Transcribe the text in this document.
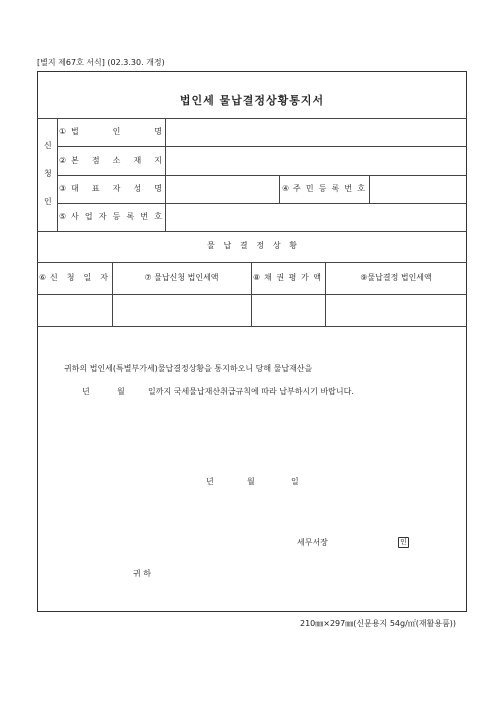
[별지 제67호 서식] (02.3.30. 개정)
법인세 물납결정상황통지서
신
청
인
① 법	인	명
② 본 점 소 재 지
③ 대 표 자 성 명	④ 주 민 등 록 번 호
⑤ 사 업 자 등 록 번 호
물 납 결 정 상 황
⑥ 신 청 일 자	⑦ 물납신청 법인세액	⑧ 채 권 평 가 액	⑨물납결정 법인세액
귀하의 법인세(특별부가세)물납결정상황을 통지하오니 당해 물납재산을
년	월	일까지 국세물납재산취급규칙에 따라 납부하시기 바랍니다.
년	월	일
세무서장	인
귀 하
210㎜×297㎜(신문용지 54g/㎡(재활용품))
